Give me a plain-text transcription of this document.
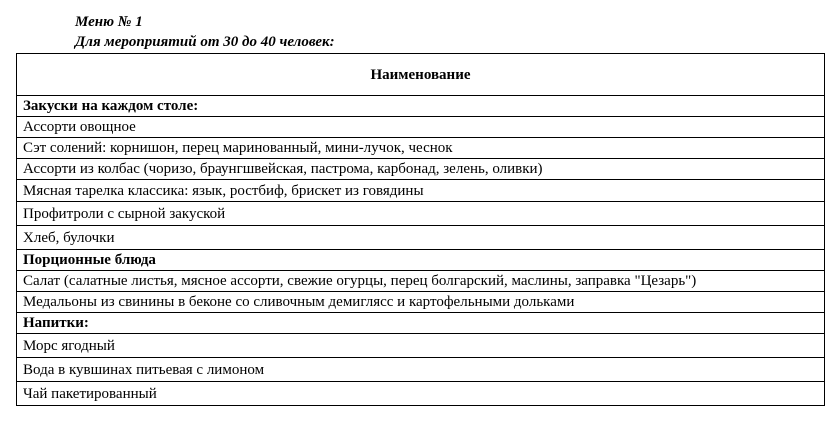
Меню № 1
Для мероприятий от 30 до 40 человек:
Наименование
Закуски на каждом столе:
Ассорти овощное
Сэт солений: корнишон, перец маринованный, мини-лучок, чеснок
Ассорти из колбас (чоризо, браунгшвейская, пастрома, карбонад, зелень, оливки)
Мясная тарелка классика: язык, ростбиф, брискет из говядины
Профитроли с сырной закуской
Хлеб, булочки
Порционные блюда
Салат (салатные листья, мясное ассорти, свежие огурцы, перец болгарский, маслины, заправка "Цезарь")
Медальоны из свинины в беконе со сливочным демиглясс и картофельными дольками
Напитки:
Морс ягодный
Вода в кувшинах питьевая с лимоном
Чай пакетированный
